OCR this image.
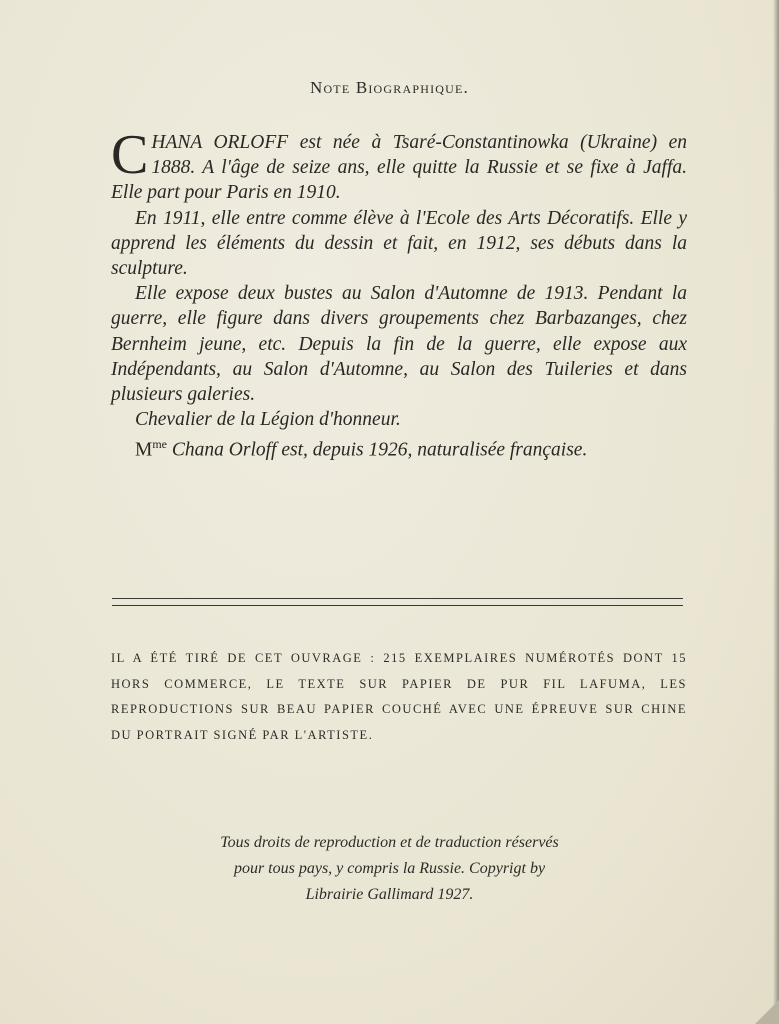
Note Biographique.

CHANA ORLOFF est née à Tsaré-Constantinowka (Ukraine) en 1888. A l'âge de seize ans, elle quitte la Russie et se fixe à Jaffa. Elle part pour Paris en 1910.

En 1911, elle entre comme élève à l'Ecole des Arts Décoratifs. Elle y apprend les éléments du dessin et fait, en 1912, ses débuts dans la sculpture.

Elle expose deux bustes au Salon d'Automne de 1913. Pendant la guerre, elle figure dans divers groupements chez Barbazanges, chez Bernheim jeune, etc. Depuis la fin de la guerre, elle expose aux Indépendants, au Salon d'Automne, au Salon des Tuileries et dans plusieurs galeries.

Chevalier de la Légion d'honneur.

$M^{me}$ Chana Orloff est, depuis 1926, naturalisée française.

IL A ÉTÉ TIRÉ DE CET OUVRAGE : 215 EXEMPLAIRES NUMÉROTÉS DONT 15 HORS COMMERCE, LE TEXTE SUR PAPIER DE PUR FIL LAFUMA, LES REPRODUCTIONS SUR BEAU PAPIER COUCHÉ AVEC UNE ÉPREUVE SUR CHINE DU PORTRAIT SIGNÉ PAR L'ARTISTE.
Tous droits de reproduction et de traduction réservés
pour tous pays, y compris la Russie. Copyrigt by
Librairie Gallimard 1927.
